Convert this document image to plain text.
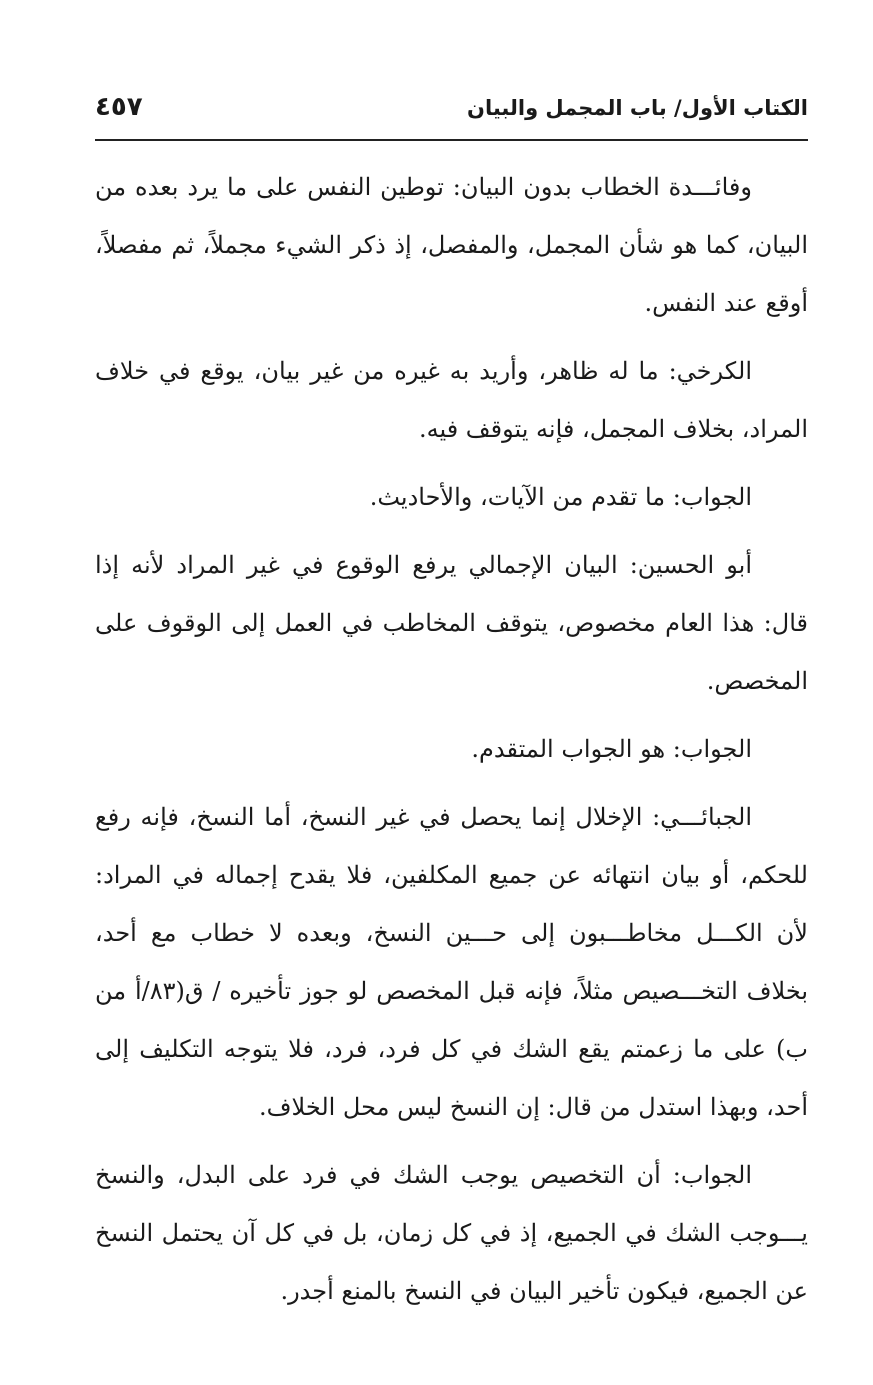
الكتاب الأول/ باب المجمل والبيان
٤٥٧

وفائـــدة الخطاب بدون البيان: توطين النفس على ما يرد بعده من البيان، كما هو شأن المجمل، والمفصل، إذ ذكر الشيء مجملاً، ثم مفصلاً، أوقع عند النفس.

الكرخي: ما له ظاهر، وأريد به غيره من غير بيان، يوقع في خلاف المراد، بخلاف المجمل، فإنه يتوقف فيه.

الجواب: ما تقدم من الآيات، والأحاديث.

أبو الحسين: البيان الإجمالي يرفع الوقوع في غير المراد لأنه إذا قال: هذا العام مخصوص، يتوقف المخاطب في العمل إلى الوقوف على المخصص.

الجواب: هو الجواب المتقدم.

الجبائـــي: الإخلال إنما يحصل في غير النسخ، أما النسخ، فإنه رفع للحكم، أو بيان انتهائه عن جميع المكلفين، فلا يقدح إجماله في المراد: لأن الكـــل مخاطـــبون إلى حـــين النسخ، وبعده لا خطاب مع أحد، بخلاف التخـــصيص مثلاً، فإنه قبل المخصص لو جوز تأخيره / ق(٨٣/أ من ب) على ما زعمتم يقع الشك في كل فرد، فرد، فلا يتوجه التكليف إلى أحد، وبهذا استدل من قال: إن النسخ ليس محل الخلاف.

الجواب: أن التخصيص يوجب الشك في فرد على البدل، والنسخ يـــوجب الشك في الجميع، إذ في كل زمان، بل في كل آن يحتمل النسخ عن الجميع، فيكون تأخير البيان في النسخ بالمنع أجدر.
